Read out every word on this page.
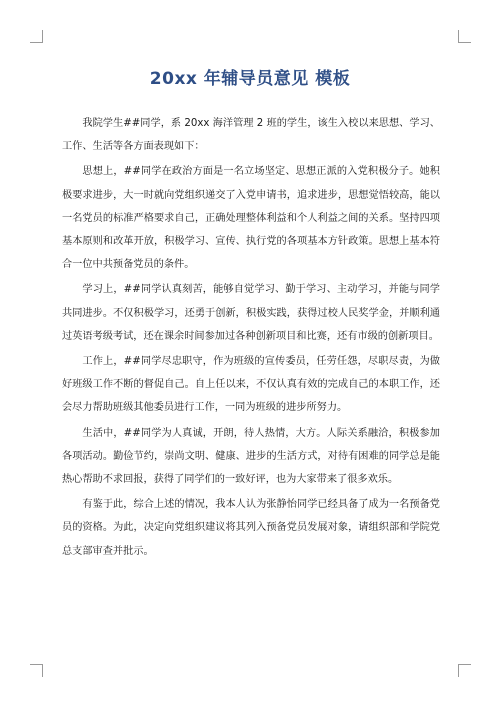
20xx 年辅导员意见 模板

我院学生##同学，系 20xx 海洋管理 2 班的学生，该生入校以来思想、学习、工作、生活等各方面表现如下：

思想上，##同学在政治方面是一名立场坚定、思想正派的入党积极分子。她积极要求进步，大一时就向党组织递交了入党申请书，追求进步，思想觉悟较高，能以一名党员的标准严格要求自己，正确处理整体利益和个人利益之间的关系。坚持四项基本原则和改革开放，积极学习、宣传、执行党的各项基本方针政策。思想上基本符合一位中共预备党员的条件。

学习上，##同学认真刻苦，能够自觉学习、勤于学习、主动学习，并能与同学共同进步。不仅积极学习，还勇于创新，积极实践，获得过校人民奖学金，并顺利通过英语考级考试，还在课余时间参加过各种创新项目和比赛，还有市级的创新项目。

工作上，##同学尽忠职守，作为班级的宣传委员，任劳任怨，尽职尽责，为做好班级工作不断的督促自己。自上任以来，不仅认真有效的完成自己的本职工作，还会尽力帮助班级其他委员进行工作，一同为班级的进步所努力。

生活中，##同学为人真诚，开朗，待人热情，大方。人际关系融洽，积极参加各项活动。勤俭节约，崇尚文明、健康、进步的生活方式，对待有困难的同学总是能热心帮助不求回报，获得了同学们的一致好评，也为大家带来了很多欢乐。

有鉴于此，综合上述的情况，我本人认为张静怡同学已经具备了成为一名预备党员的资格。为此，决定向党组织建议将其列入预备党员发展对象，请组织部和学院党总支部审查并批示。
